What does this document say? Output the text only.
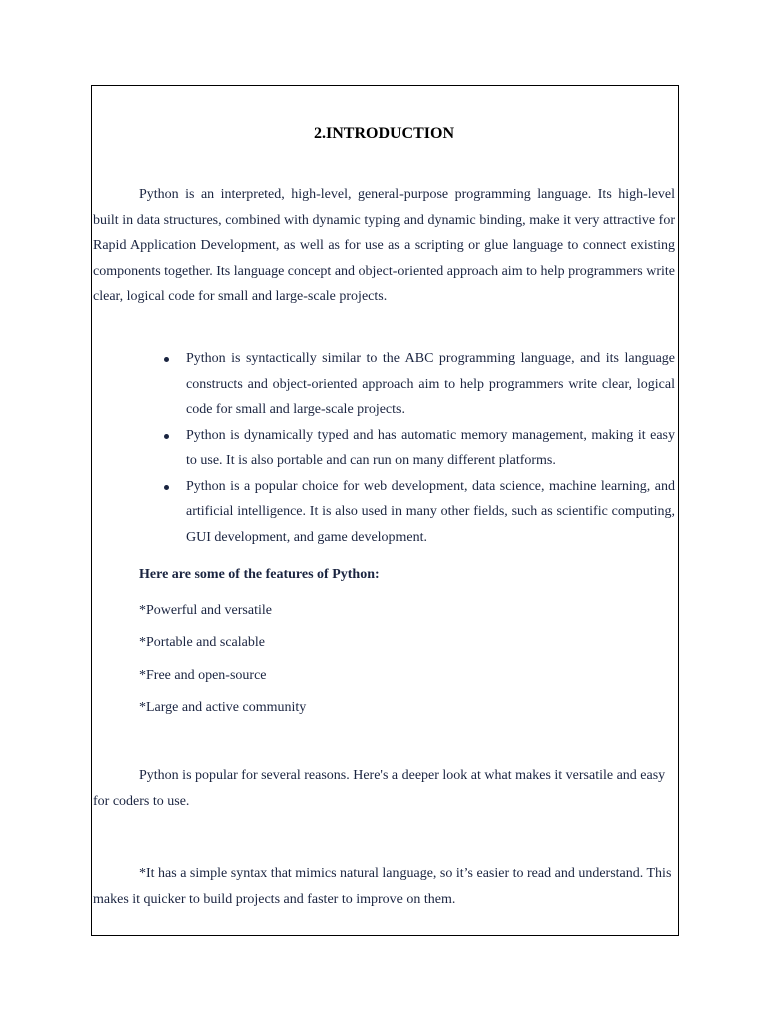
2.INTRODUCTION

Python is an interpreted, high-level, general-purpose programming language. Its high-level built in data structures, combined with dynamic typing and dynamic binding, make it very attractive for Rapid Application Development, as well as for use as a scripting or glue language to connect existing components together. Its language concept and object-oriented approach aim to help programmers write clear, logical code for small and large-scale projects.

Python is syntactically similar to the ABC programming language, and its language constructs and object-oriented approach aim to help programmers write clear, logical code for small and large-scale projects.
Python is dynamically typed and has automatic memory management, making it easy to use. It is also portable and can run on many different platforms.
Python is a popular choice for web development, data science, machine learning, and artificial intelligence. It is also used in many other fields, such as scientific computing, GUI development, and game development.

Here are some of the features of Python:

*Powerful and versatile

*Portable and scalable

*Free and open-source

*Large and active community

Python is popular for several reasons. Here's a deeper look at what makes it versatile and easy for coders to use.

*It has a simple syntax that mimics natural language, so it’s easier to read and understand. This makes it quicker to build projects and faster to improve on them.
